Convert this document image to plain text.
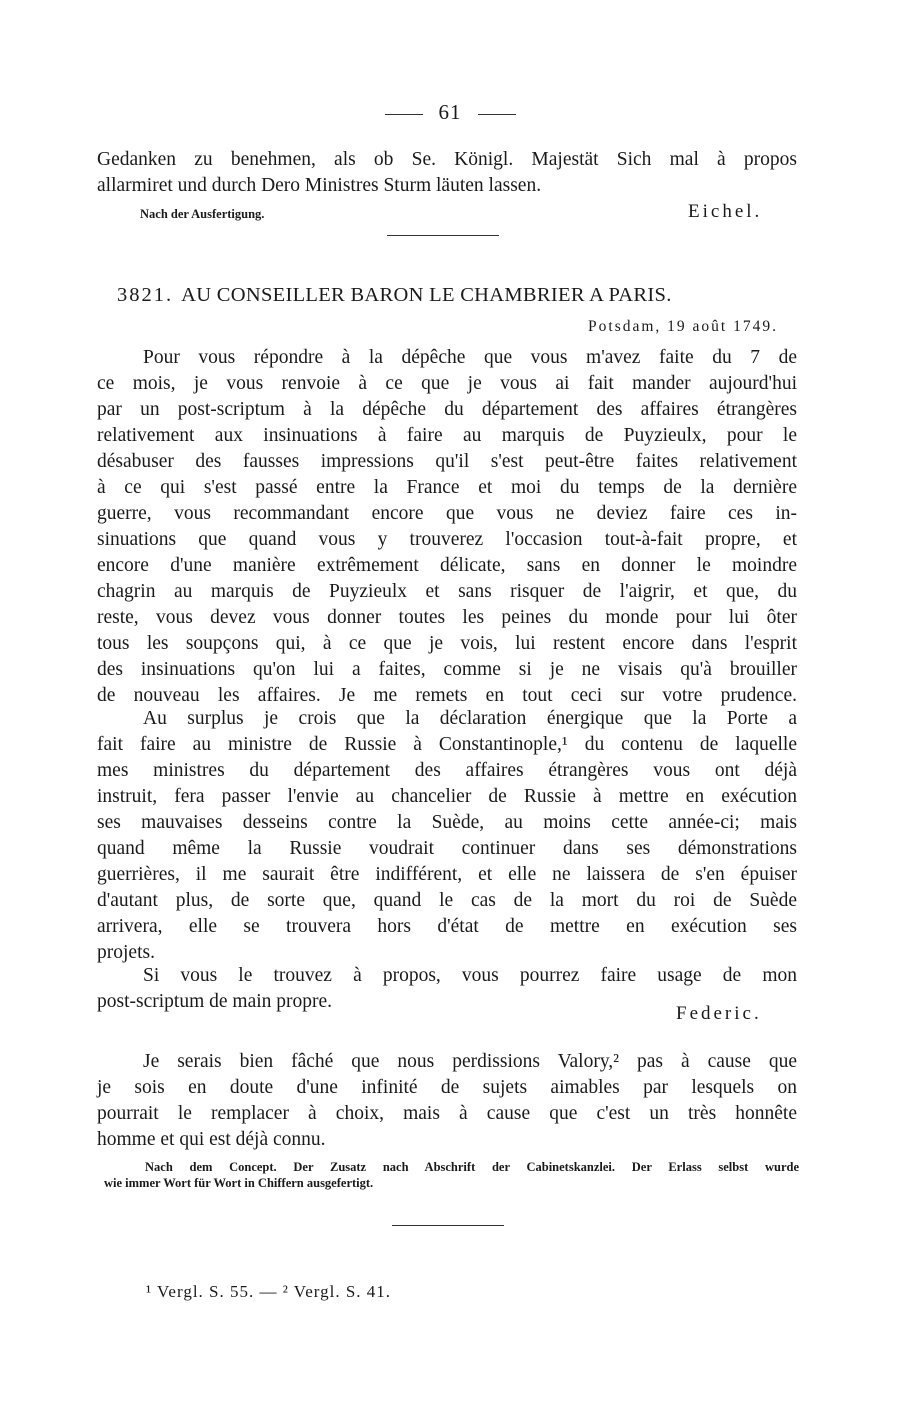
61
Gedanken zu benehmen, als ob Se. Königl. Majestät Sich mal à propos
allarmiret und durch Dero Ministres Sturm läuten lassen.
Nach der Ausfertigung.	Eichel.
3821. AU CONSEILLER BARON LE CHAMBRIER A PARIS.
Potsdam, 19 août 1749.
Pour vous répondre à la dépêche que vous m'avez faite du 7 de
ce mois, je vous renvoie à ce que je vous ai fait mander aujourd'hui
par un post-scriptum à la dépêche du département des affaires étrangères
relativement aux insinuations à faire au marquis de Puyzieulx, pour le
désabuser des fausses impressions qu'il s'est peut-être faites relativement
à ce qui s'est passé entre la France et moi du temps de la dernière
guerre, vous recommandant encore que vous ne deviez faire ces in-
sinuations que quand vous y trouverez l'occasion tout-à-fait propre, et
encore d'une manière extrêmement délicate, sans en donner le moindre
chagrin au marquis de Puyzieulx et sans risquer de l'aigrir, et que, du
reste, vous devez vous donner toutes les peines du monde pour lui ôter
tous les soupçons qui, à ce que je vois, lui restent encore dans l'esprit
des insinuations qu'on lui a faites, comme si je ne visais qu'à brouiller
de nouveau les affaires. Je me remets en tout ceci sur votre prudence.
Au surplus je crois que la déclaration énergique que la Porte a
fait faire au ministre de Russie à Constantinople,¹ du contenu de laquelle
mes ministres du département des affaires étrangères vous ont déjà
instruit, fera passer l'envie au chancelier de Russie à mettre en exécution
ses mauvaises desseins contre la Suède, au moins cette année-ci; mais
quand même la Russie voudrait continuer dans ses démonstrations
guerrières, il me saurait être indifférent, et elle ne laissera de s'en épuiser
d'autant plus, de sorte que, quand le cas de la mort du roi de Suède
arrivera, elle se trouvera hors d'état de mettre en exécution ses
projets.
Si vous le trouvez à propos, vous pourrez faire usage de mon
post-scriptum de main propre.
Federic.
Je serais bien fâché que nous perdissions Valory,² pas à cause que
je sois en doute d'une infinité de sujets aimables par lesquels on
pourrait le remplacer à choix, mais à cause que c'est un très honnête
homme et qui est déjà connu.
Nach dem Concept. Der Zusatz nach Abschrift der Cabinetskanzlei. Der Erlass selbst wurde
wie immer Wort für Wort in Chiffern ausgefertigt.
¹ Vergl. S. 55. — ² Vergl. S. 41.
